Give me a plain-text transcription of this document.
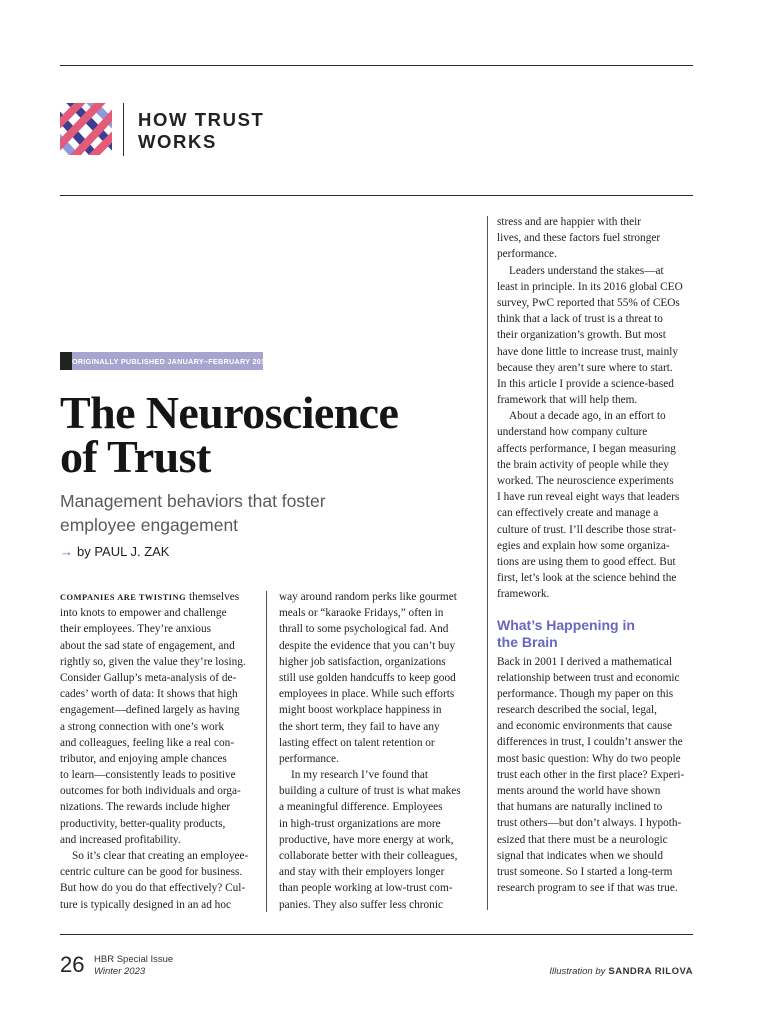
HOW TRUST
WORKS
ORIGINALLY PUBLISHED JANUARY–FEBRUARY 2017
The Neuroscience
of Trust
Management behaviors that foster
employee engagement
→ by PAUL J. ZAK
COMPANIES ARE TWISTING themselves
into knots to empower and challenge
their employees. They’re anxious
about the sad state of engagement, and
rightly so, given the value they’re losing.
Consider Gallup’s meta-analysis of de-
cades’ worth of data: It shows that high
engagement—defined largely as having
a strong connection with one’s work
and colleagues, feeling like a real con-
tributor, and enjoying ample chances
to learn—consistently leads to positive
outcomes for both individuals and orga-
nizations. The rewards include higher
productivity, better-quality products,
and increased profitability.
So it’s clear that creating an employee-
centric culture can be good for business.
But how do you do that effectively? Cul-
ture is typically designed in an ad hoc
way around random perks like gourmet
meals or “karaoke Fridays,” often in
thrall to some psychological fad. And
despite the evidence that you can’t buy
higher job satisfaction, organizations
still use golden handcuffs to keep good
employees in place. While such efforts
might boost workplace happiness in
the short term, they fail to have any
lasting effect on talent retention or
performance.
In my research I’ve found that
building a culture of trust is what makes
a meaningful difference. Employees
in high-trust organizations are more
productive, have more energy at work,
collaborate better with their colleagues,
and stay with their employers longer
than people working at low-trust com-
panies. They also suffer less chronic
stress and are happier with their
lives, and these factors fuel stronger
performance.
Leaders understand the stakes—at
least in principle. In its 2016 global CEO
survey, PwC reported that 55% of CEOs
think that a lack of trust is a threat to
their organization’s growth. But most
have done little to increase trust, mainly
because they aren’t sure where to start.
In this article I provide a science-based
framework that will help them.
About a decade ago, in an effort to
understand how company culture
affects performance, I began measuring
the brain activity of people while they
worked. The neuroscience experiments
I have run reveal eight ways that leaders
can effectively create and manage a
culture of trust. I’ll describe those strat-
egies and explain how some organiza-
tions are using them to good effect. But
first, let’s look at the science behind the
framework.
What’s Happening in
the Brain
Back in 2001 I derived a mathematical
relationship between trust and economic
performance. Though my paper on this
research described the social, legal,
and economic environments that cause
differences in trust, I couldn’t answer the
most basic question: Why do two people
trust each other in the first place? Experi-
ments around the world have shown
that humans are naturally inclined to
trust others—but don’t always. I hypoth-
esized that there must be a neurologic
signal that indicates when we should
trust someone. So I started a long-term
research program to see if that was true.
26 HBR Special Issue
Winter 2023	Illustration by SANDRA RILOVA
